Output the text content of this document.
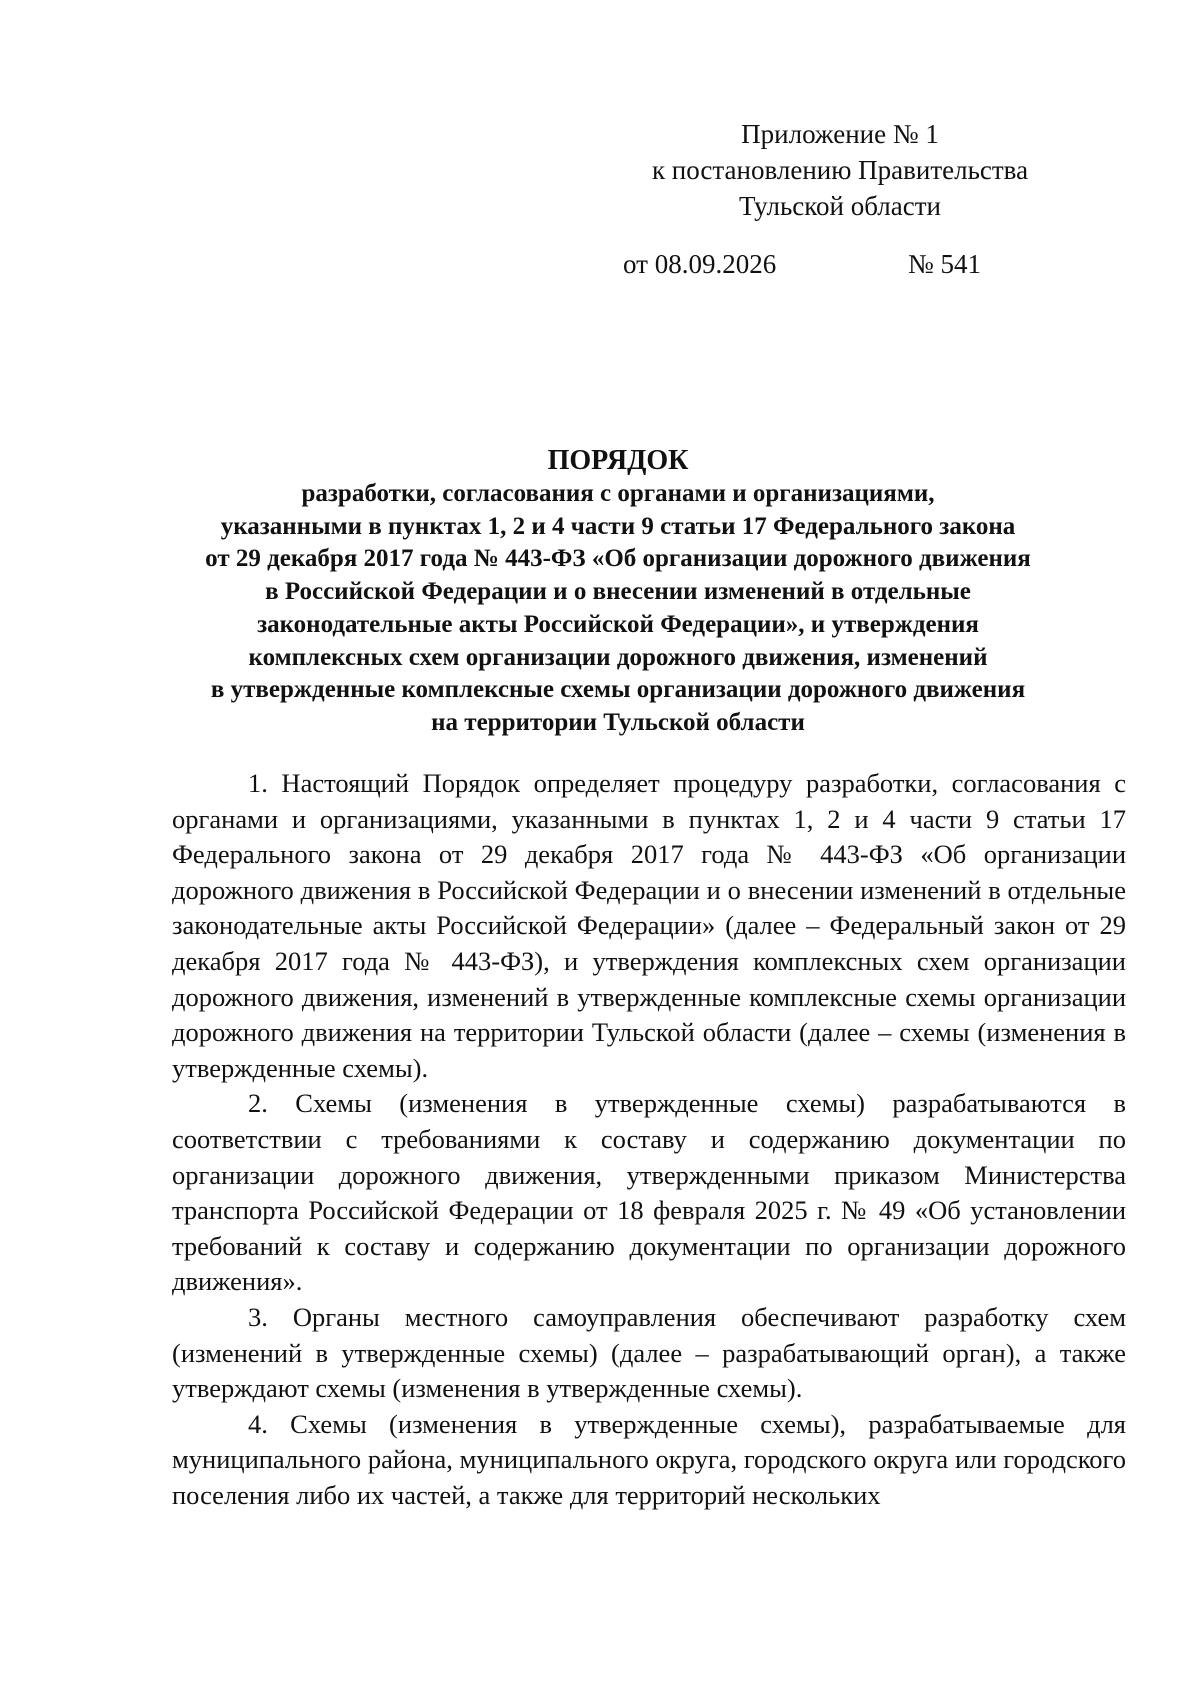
Приложение № 1
к постановлению Правительства
Тульской области
от 08.09.2026	№ 541
ПОРЯДОК
разработки, согласования с органами и организациями,
указанными в пунктах 1, 2 и 4 части 9 статьи 17 Федерального закона
от 29 декабря 2017 года № 443-ФЗ «Об организации дорожного движения
в Российской Федерации и о внесении изменений в отдельные
законодательные акты Российской Федерации», и утверждения
комплексных схем организации дорожного движения, изменений
в утвержденные комплексные схемы организации дорожного движения
на территории Тульской области

1. Настоящий Порядок определяет процедуру разработки, согласования с органами и организациями, указанными в пунктах 1, 2 и 4 части 9 статьи 17 Федерального закона от 29 декабря 2017 года № 443-ФЗ «Об организации дорожного движения в Российской Федерации и о внесении изменений в отдельные законодательные акты Российской Федерации» (далее – Федеральный закон от 29 декабря 2017 года № 443-ФЗ), и утверждения комплексных схем организации дорожного движения, изменений в утвержденные комплексные схемы организации дорожного движения на территории Тульской области (далее – схемы (изменения в утвержденные схемы).

2. Схемы (изменения в утвержденные схемы) разрабатываются в соответствии с требованиями к составу и содержанию документации по организации дорожного движения, утвержденными приказом Министерства транспорта Российской Федерации от 18 февраля 2025 г. № 49 «Об установлении требований к составу и содержанию документации по организации дорожного движения».

3. Органы местного самоуправления обеспечивают разработку схем (изменений в утвержденные схемы) (далее – разрабатывающий орган), а также утверждают схемы (изменения в утвержденные схемы).

4. Схемы (изменения в утвержденные схемы), разрабатываемые для муниципального района, муниципального округа, городского округа или городского поселения либо их частей, а также для территорий нескольких
